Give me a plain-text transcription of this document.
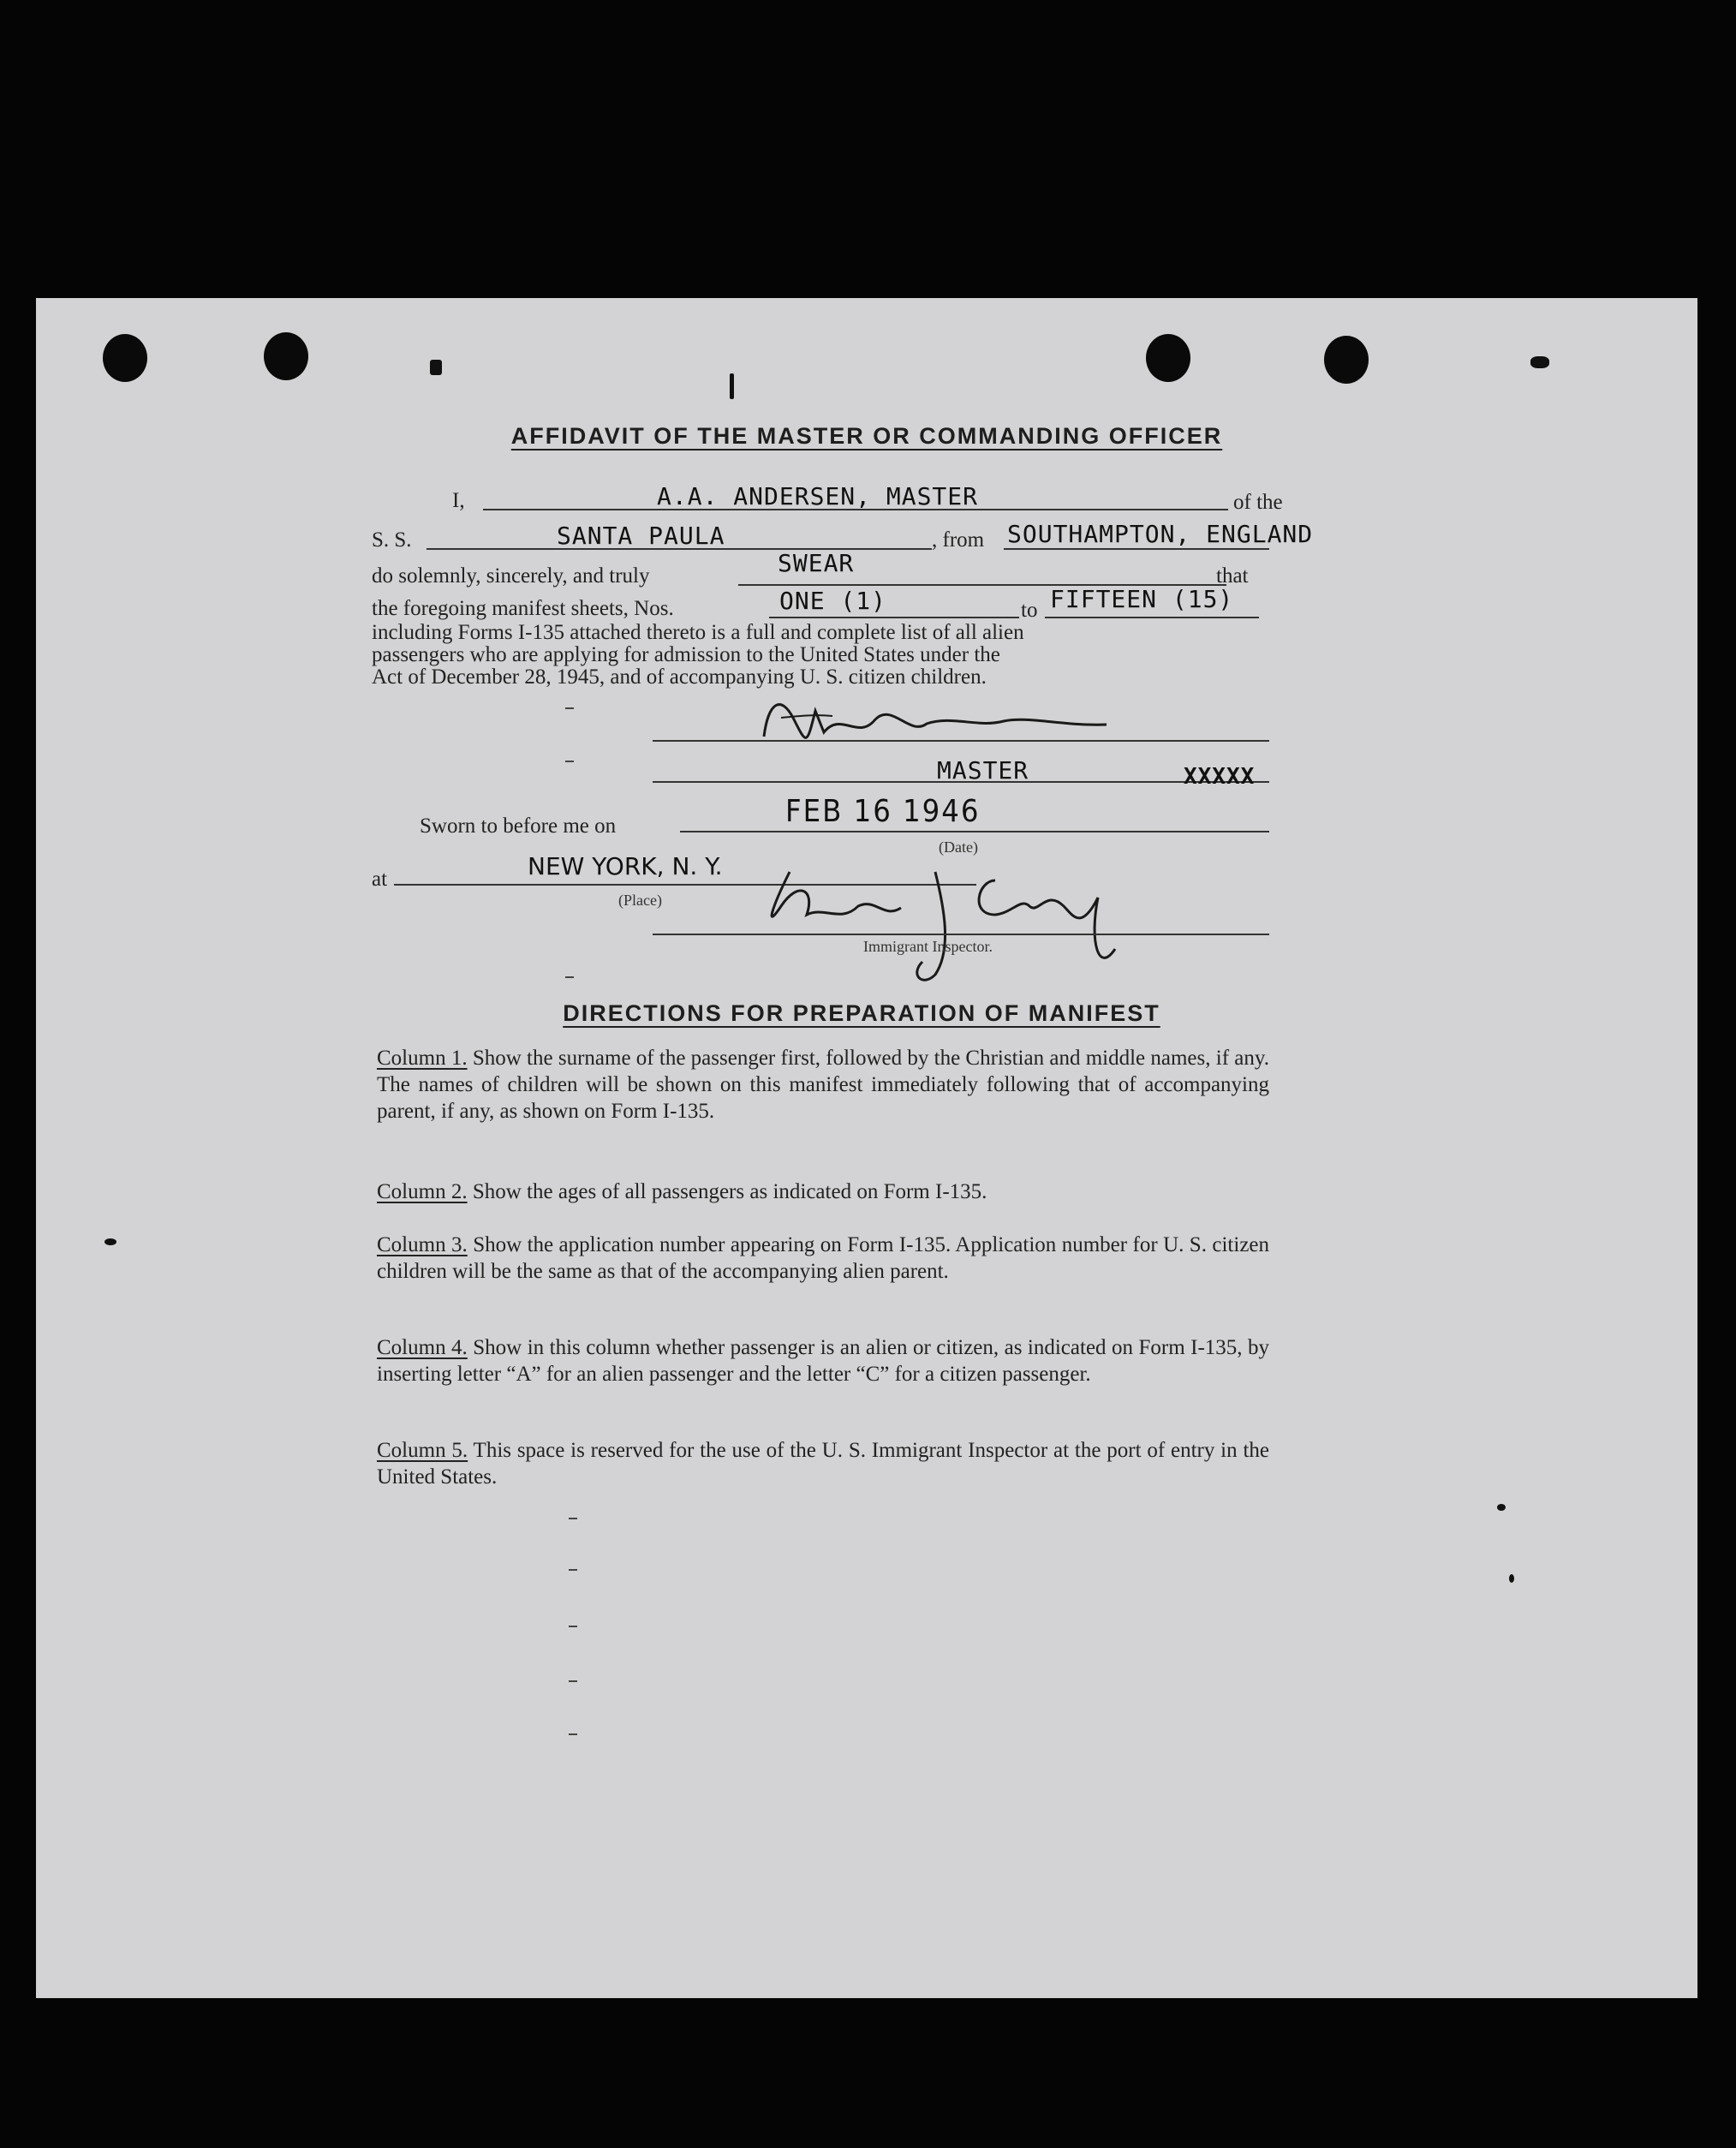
AFFIDAVIT OF THE MASTER OR COMMANDING OFFICER
I,	A.A. ANDERSEN, MASTER	of the
S. S.	SANTA PAULA	, from SOUTHAMPTON, ENGLAND
do solemnly, sincerely, and truly	SWEAR	that
the foregoing manifest sheets, Nos.	ONE (1)	to FIFTEEN (15)
including Forms I-135 attached thereto is a full and complete list of all alien
passengers who are applying for admission to the United States under the
Act of December 28, 1945, and of accompanying U. S. citizen children.
MASTER	XXXXX
Sworn to before me on	FEB 16 1946
(Date)
at	NEW YORK, N. Y.
(Place)
Immigrant Inspector.
DIRECTIONS FOR PREPARATION OF MANIFEST
Column 1. Show the surname of the passenger first, followed by the Christian and middle names, if any. The names of children will be shown on this manifest immediately following that of accompanying parent, if any, as shown on Form I-135.
Column 2. Show the ages of all passengers as indicated on Form I-135.
Column 3. Show the application number appearing on Form I-135. Application number for U. S. citizen children will be the same as that of the accompanying alien parent.
Column 4. Show in this column whether passenger is an alien or citizen, as indicated on Form I-135, by inserting letter “A” for an alien passenger and the letter “C” for a citizen passenger.
Column 5. This space is reserved for the use of the U. S. Immigrant Inspector at the port of entry in the United States.
